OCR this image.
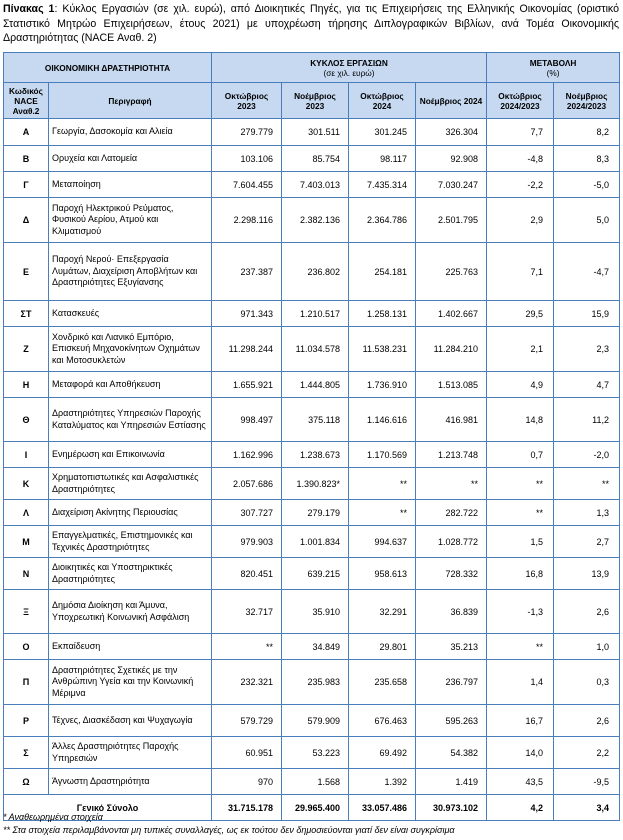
Πίνακας 1: Κύκλος Εργασιών (σε χιλ. ευρώ), από Διοικητικές Πηγές, για τις Επιχειρήσεις της Ελληνικής Οικονομίας (οριστικό Στατιστικό Μητρώο Επιχειρήσεων, έτους 2021) με υποχρέωση τήρησης Διπλογραφικών Βιβλίων, ανά Τομέα Οικονομικής Δραστηριότητας (NACE Αναθ. 2)
ΟΙΚΟΝΟΜΙΚΗ ΔΡΑΣΤΗΡΙΟΤΗΤΑ		ΚΥΚΛΟΣ ΕΡΓΑΣΙΩΝ
(σε χιλ. ευρώ)				ΜΕΤΑΒΟΛΗ
(%)	
Κωδικός NACE Αναθ.2	Περιγραφή	Οκτώβριος 2023	Νοέμβριος 2023	Οκτώβριος 2024	Νοέμβριος 2024	Οκτώβριος 2024/2023	Νοέμβριος 2024/2023
Α	Γεωργία, Δασοκομία και Αλιεία	279.779	301.511	301.245	326.304	7,7	8,2
Β	Ορυχεία και Λατομεία	103.106	85.754	98.117	92.908	-4,8	8,3
Γ	Μεταποίηση	7.604.455	7.403.013	7.435.314	7.030.247	-2,2	-5,0
Δ	Παροχή Ηλεκτρικού Ρεύματος, Φυσικού Αερίου, Ατμού και Κλιματισμού	2.298.116	2.382.136	2.364.786	2.501.795	2,9	5,0
Ε	Παροχή Νερού· Επεξεργασία Λυμάτων, Διαχείριση Αποβλήτων και Δραστηριότητες Εξυγίανσης	237.387	236.802	254.181	225.763	7,1	-4,7
ΣΤ	Κατασκευές	971.343	1.210.517	1.258.131	1.402.667	29,5	15,9
Ζ	Χονδρικό και Λιανικό Εμπόριο, Επισκευή Μηχανοκίνητων Οχημάτων και Μοτοσυκλετών	11.298.244	11.034.578	11.538.231	11.284.210	2,1	2,3
Η	Μεταφορά και Αποθήκευση	1.655.921	1.444.805	1.736.910	1.513.085	4,9	4,7
Θ	Δραστηριότητες Υπηρεσιών Παροχής Καταλύματος και Υπηρεσιών Εστίασης	998.497	375.118	1.146.616	416.981	14,8	11,2
Ι	Ενημέρωση και Επικοινωνία	1.162.996	1.238.673	1.170.569	1.213.748	0,7	-2,0
Κ	Χρηματοπιστωτικές και Ασφαλιστικές Δραστηριότητες	2.057.686	1.390.823*	**	**	**	**
Λ	Διαχείριση Ακίνητης Περιουσίας	307.727	279.179	**	282.722	**	1,3
Μ	Επαγγελματικές, Επιστημονικές και Τεχνικές Δραστηριότητες	979.903	1.001.834	994.637	1.028.772	1,5	2,7
Ν	Διοικητικές και Υποστηρικτικές Δραστηριότητες	820.451	639.215	958.613	728.332	16,8	13,9
Ξ	Δημόσια Διοίκηση και Άμυνα, Υποχρεωτική Κοινωνική Ασφάλιση	32.717	35.910	32.291	36.839	-1,3	2,6
Ο	Εκπαίδευση	**	34.849	29.801	35.213	**	1,0
Π	Δραστηριότητες Σχετικές με την Ανθρώπινη Υγεία και την Κοινωνική Μέριμνα	232.321	235.983	235.658	236.797	1,4	0,3
Ρ	Τέχνες, Διασκέδαση και Ψυχαγωγία	579.729	579.909	676.463	595.263	16,7	2,6
Σ	Άλλες Δραστηριότητες Παροχής Υπηρεσιών	60.951	53.223	69.492	54.382	14,0	2,2
Ω	Άγνωστη Δραστηριότητα	970	1.568	1.392	1.419	43,5	-9,5
Γενικό Σύνολο		31.715.178	29.965.400	33.057.486	30.973.102	4,2	3,4
* Αναθεωρημένα στοιχεία
** Στα στοιχεία περιλαμβάνονται μη τυπικές συναλλαγές, ως εκ τούτου δεν δημοσιεύονται γιατί δεν είναι συγκρίσιμα
